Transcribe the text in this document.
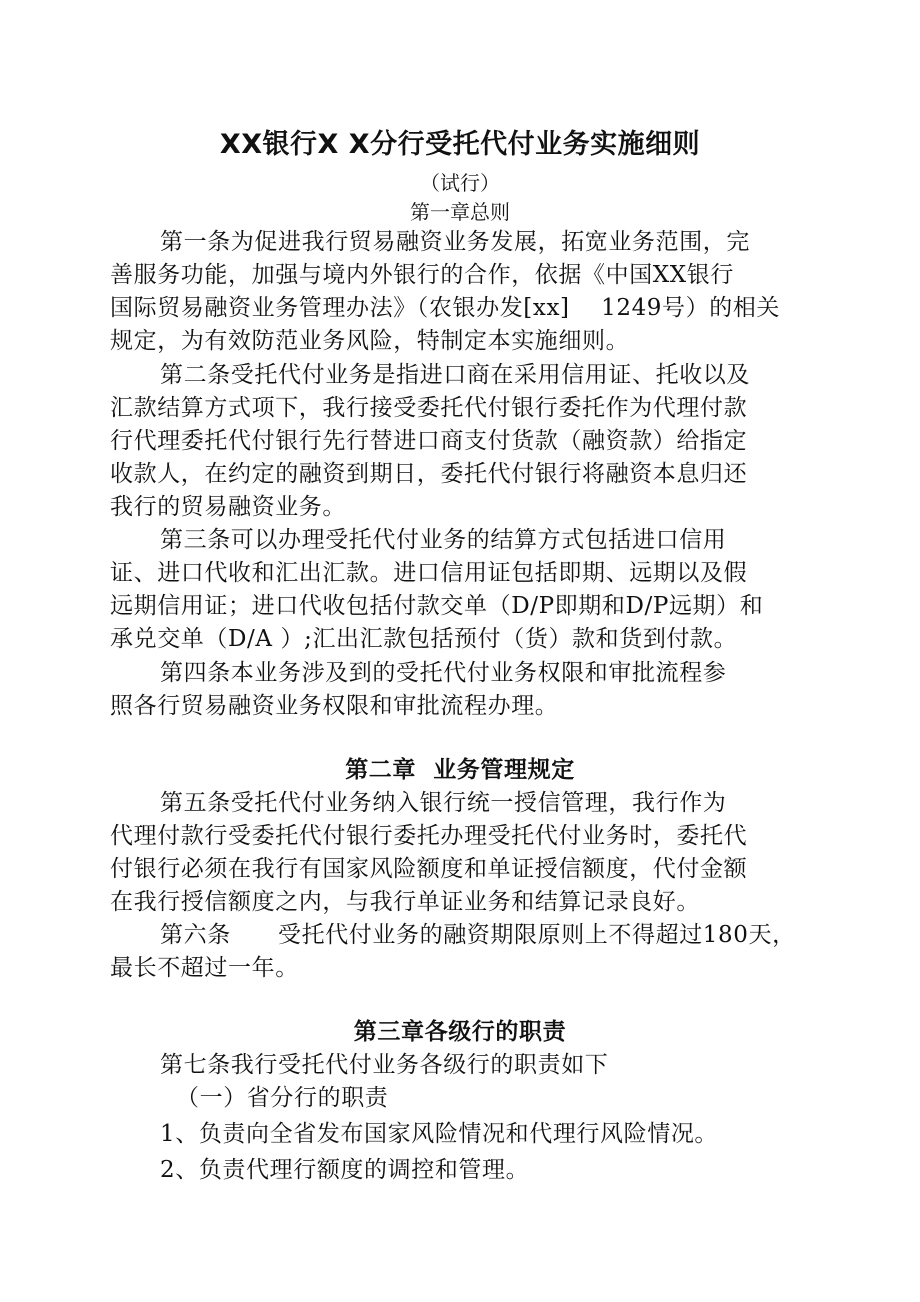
XX银行X X分行受托代付业务实施细则
（试行）
第一章总则
第一条为促进我行贸易融资业务发展，拓宽业务范围，完
善服务功能，加强与境内外银行的合作，依据《中国XX银行
国际贸易融资业务管理办法》（农银办发[xx]　 1249号）的相关
规定，为有效防范业务风险，特制定本实施细则。
第二条受托代付业务是指进口商在采用信用证、托收以及
汇款结算方式项下，我行接受委托代付银行委托作为代理付款
行代理委托代付银行先行替进口商支付货款（融资款）给指定
收款人，在约定的融资到期日，委托代付银行将融资本息归还
我行的贸易融资业务。
第三条可以办理受托代付业务的结算方式包括进口信用
证、进口代收和汇出汇款。进口信用证包括即期、远期以及假
远期信用证；进口代收包括付款交单（D/P即期和D/P远期）和
承兑交单（D/A ）;汇出汇款包括预付（货）款和货到付款。
第四条本业务涉及到的受托代付业务权限和审批流程参
照各行贸易融资业务权限和审批流程办理。
第二章  业务管理规定
第五条受托代付业务纳入银行统一授信管理，我行作为
代理付款行受委托代付银行委托办理受托代付业务时，委托代
付银行必须在我行有国家风险额度和单证授信额度，代付金额
在我行授信额度之内，与我行单证业务和结算记录良好。
第六条　　受托代付业务的融资期限原则上不得超过180天，
最长不超过一年。
第三章各级行的职责
第七条我行受托代付业务各级行的职责如下
（一）省分行的职责
1、负责向全省发布国家风险情况和代理行风险情况。
2、负责代理行额度的调控和管理。
